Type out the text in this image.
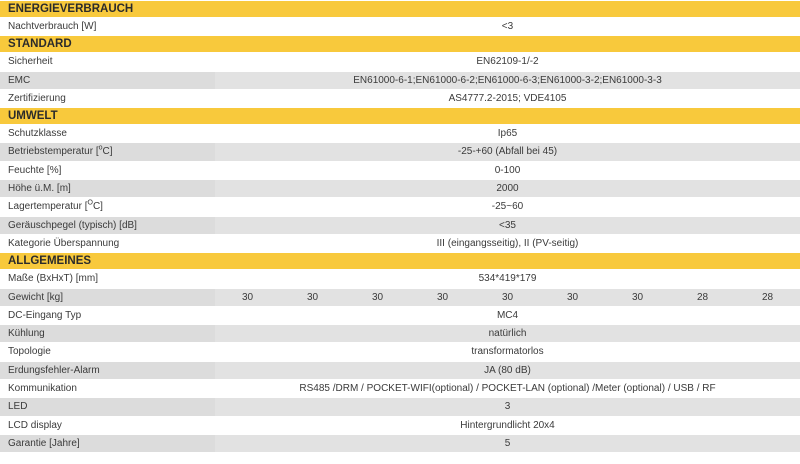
ENERGIEVERBRAUCH
Nachtverbrauch [W]	<3
STANDARD
Sicherheit	EN62109-1/-2
EMC	EN61000-6-1;EN61000-6-2;EN61000-6-3;EN61000-3-2;EN61000-3-3
Zertifizierung	AS4777.2-2015; VDE4105
UMWELT
Schutzklasse	Ip65
Betriebstemperatur [$^o$C]	-25-+60 (Abfall bei 45)
Feuchte [%]	0-100
Höhe ü.M. [m]	2000
Lagertemperatur [$^O$C]	-25~60
Geräuschpegel (typisch) [dB]	<35
Kategorie Überspannung	III (eingangsseitig), II (PV-seitig)
ALLGEMEINES
Maße (BxHxT) [mm]	534*419*179
Gewicht [kg]	30	30	30	30	30	30	30	28	28
DC-Eingang Typ	MC4
Kühlung	natürlich
Topologie	transformatorlos
Erdungsfehler-Alarm	JA (80 dB)
Kommunikation	RS485 /DRM / POCKET-WIFI(optional) / POCKET-LAN (optional) /Meter (optional) / USB / RF
LED	3
LCD display	Hintergrundlicht 20x4
Garantie [Jahre]	5
